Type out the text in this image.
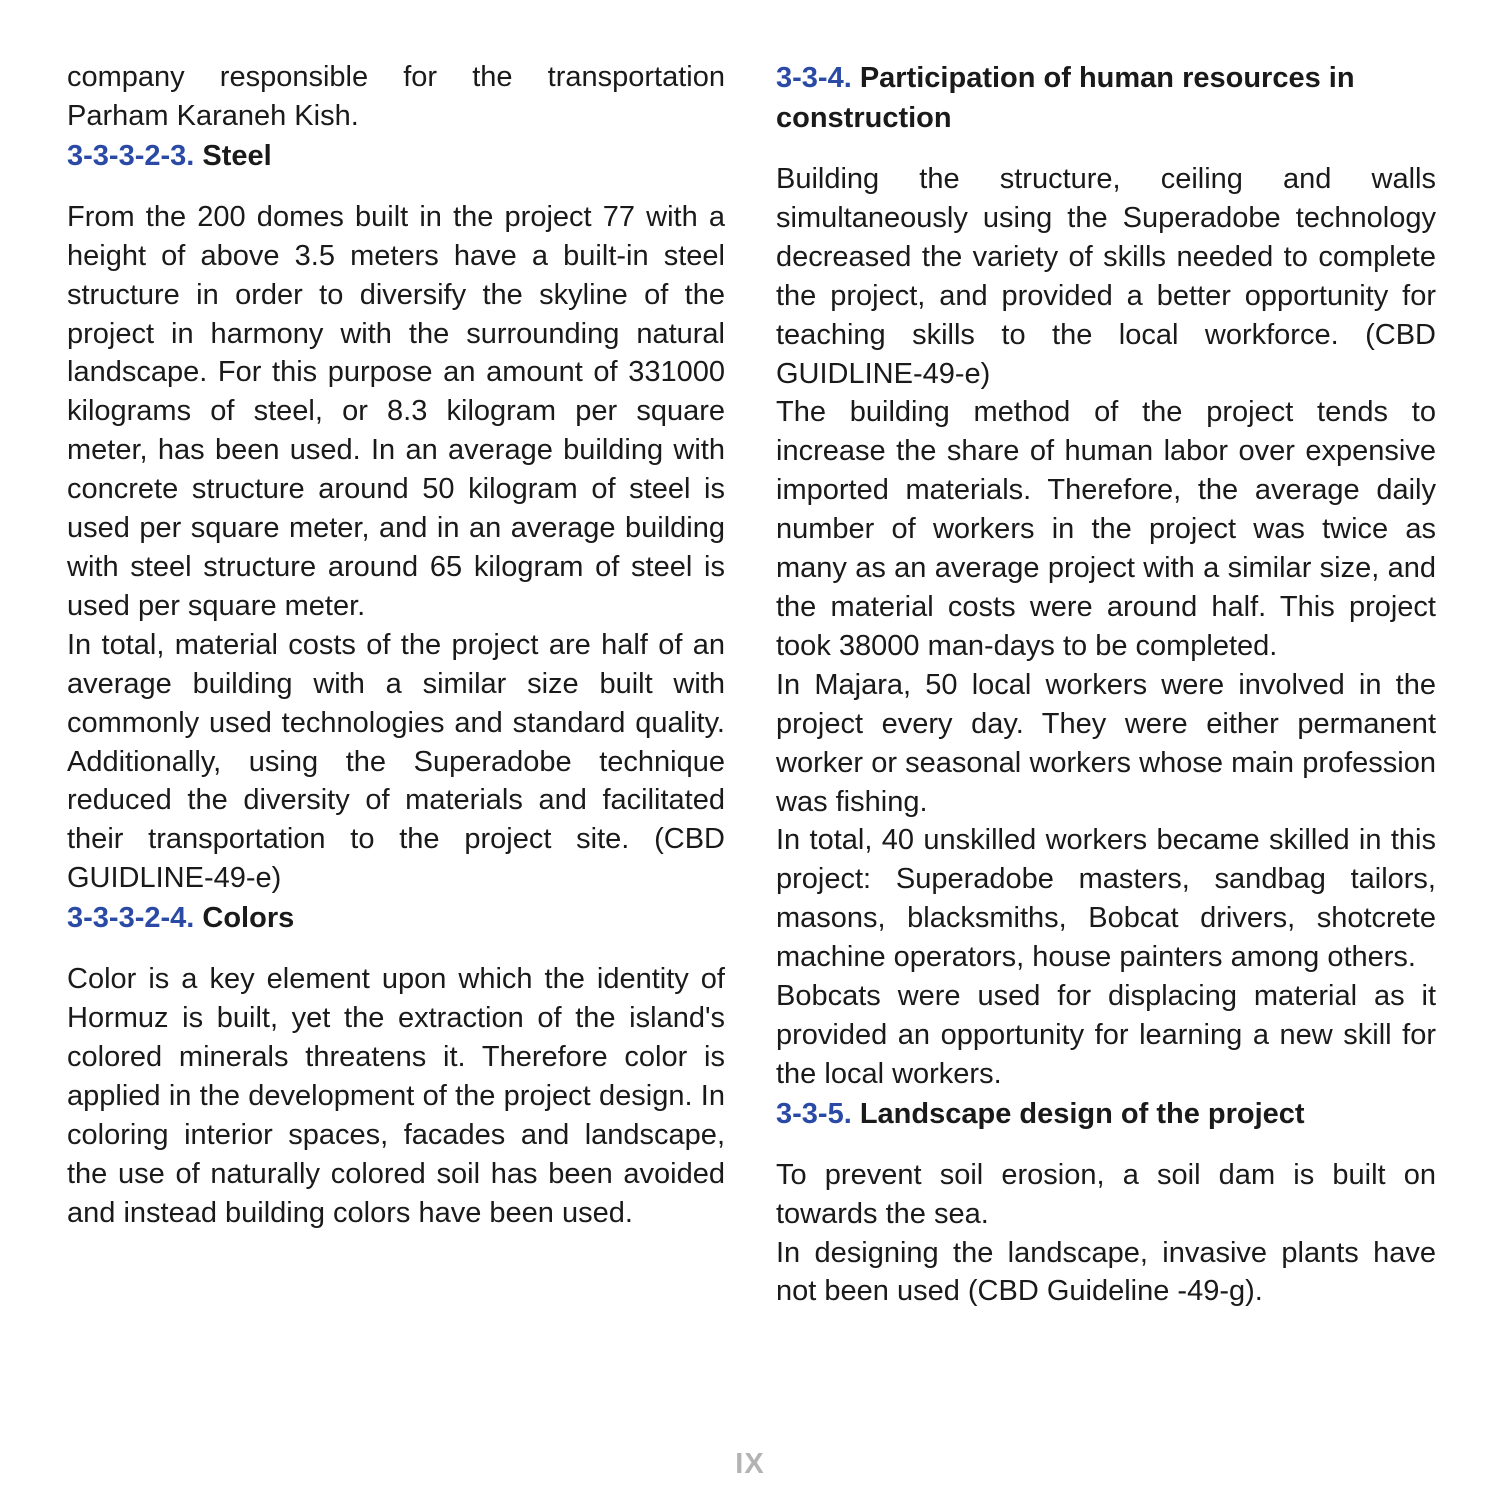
company responsible for the transportation Parham Karaneh Kish.

3-3-3-2-3. Steel

From the 200 domes built in the project 77 with a height of above 3.5 meters have a built-in steel structure in order to diversify the skyline of the project in harmony with the surrounding natural landscape. For this purpose an amount of 331000 kilograms of steel, or 8.3 kilogram per square meter, has been used. In an average building with concrete structure around 50 kilogram of steel is used per square meter, and in an average building with steel structure around 65 kilogram of steel is used per square meter.

In total, material costs of the project are half of an average building with a similar size built with commonly used technologies and standard quality. Additionally, using the Superadobe technique reduced the diversity of materials and facilitated their transportation to the project site. (CBD GUIDLINE-49-e)

3-3-3-2-4. Colors

Color is a key element upon which the identity of Hormuz is built, yet the extraction of the island's colored minerals threatens it. Therefore color is applied in the development of the project design. In coloring interior spaces, facades and landscape, the use of naturally colored soil has been avoided and instead building colors have been used.

3-3-4. Participation of human resources in construction

Building the structure, ceiling and walls simultaneously using the Superadobe technology decreased the variety of skills needed to complete the project, and provided a better opportunity for teaching skills to the local workforce. (CBD GUIDLINE-49-e)

The building method of the project tends to increase the share of human labor over expensive imported materials. Therefore, the average daily number of workers in the project was twice as many as an average project with a similar size, and the material costs were around half. This project took 38000 man-days to be completed.

In Majara, 50 local workers were involved in the project every day. They were either permanent worker or seasonal workers whose main profession was fishing.

In total, 40 unskilled workers became skilled in this project: Superadobe masters, sandbag tailors, masons, blacksmiths, Bobcat drivers, shotcrete machine operators, house painters among others.

Bobcats were used for displacing material as it provided an opportunity for learning a new skill for the local workers.

3-3-5. Landscape design of the project

To prevent soil erosion, a soil dam is built on towards the sea.

In designing the landscape, invasive plants have not been used (CBD Guideline -49-g).

IX
